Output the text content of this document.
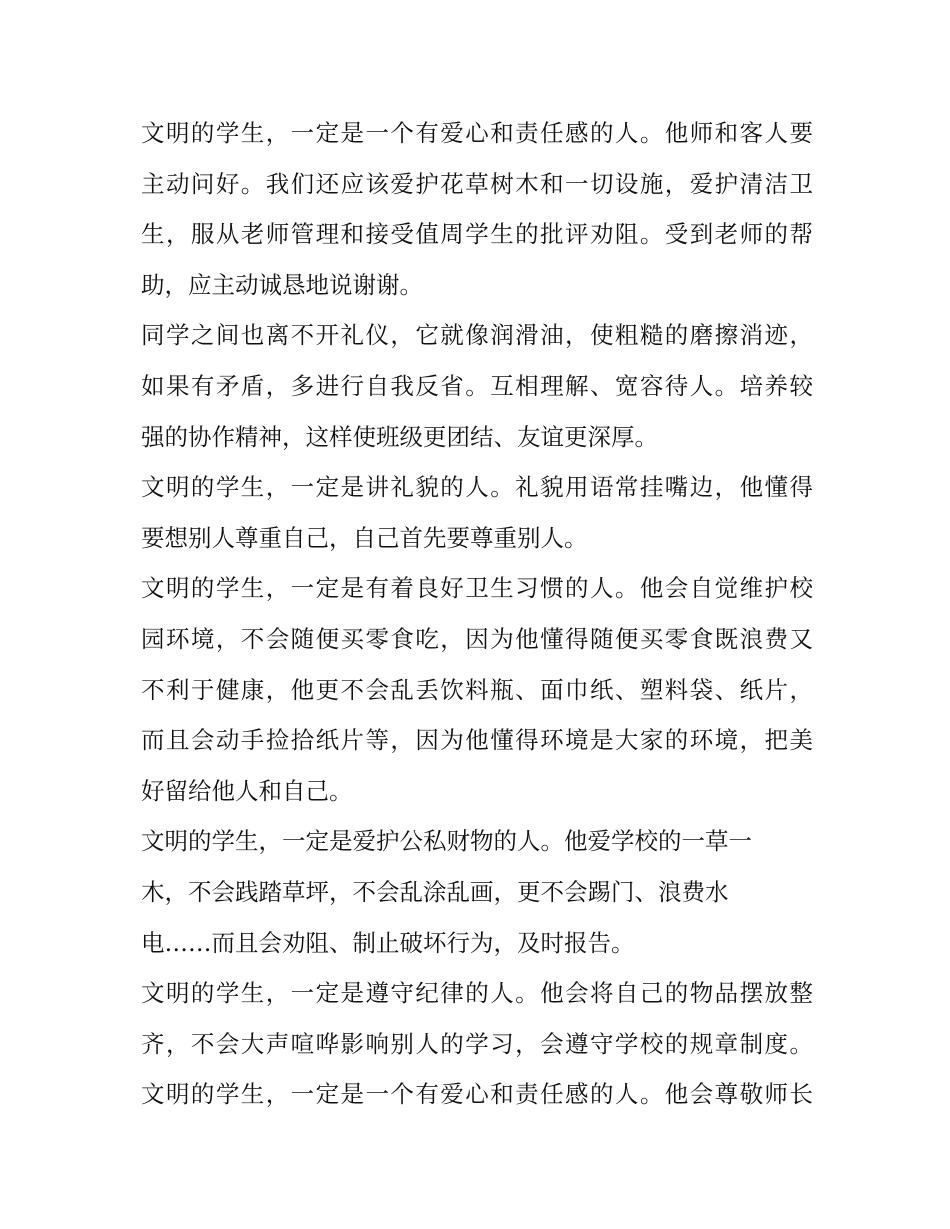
文明的学生，一定是一个有爱心和责任感的人。他师和客人要
主动问好。我们还应该爱护花草树木和一切设施，爱护清洁卫
生，服从老师管理和接受值周学生的批评劝阻。受到老师的帮
助，应主动诚恳地说谢谢。
同学之间也离不开礼仪，它就像润滑油，使粗糙的磨擦消迹，
如果有矛盾，多进行自我反省。互相理解、宽容待人。培养较
强的协作精神，这样使班级更团结、友谊更深厚。
文明的学生，一定是讲礼貌的人。礼貌用语常挂嘴边，他懂得
要想别人尊重自己，自己首先要尊重别人。
文明的学生，一定是有着良好卫生习惯的人。他会自觉维护校
园环境，不会随便买零食吃，因为他懂得随便买零食既浪费又
不利于健康，他更不会乱丢饮料瓶、面巾纸、塑料袋、纸片，
而且会动手捡拾纸片等，因为他懂得环境是大家的环境，把美
好留给他人和自己。
文明的学生，一定是爱护公私财物的人。他爱学校的一草一
木，不会践踏草坪，不会乱涂乱画，更不会踢门、浪费水
电……而且会劝阻、制止破坏行为，及时报告。
文明的学生，一定是遵守纪律的人。他会将自己的物品摆放整
齐，不会大声喧哗影响别人的学习，会遵守学校的规章制度。
文明的学生，一定是一个有爱心和责任感的人。他会尊敬师长
